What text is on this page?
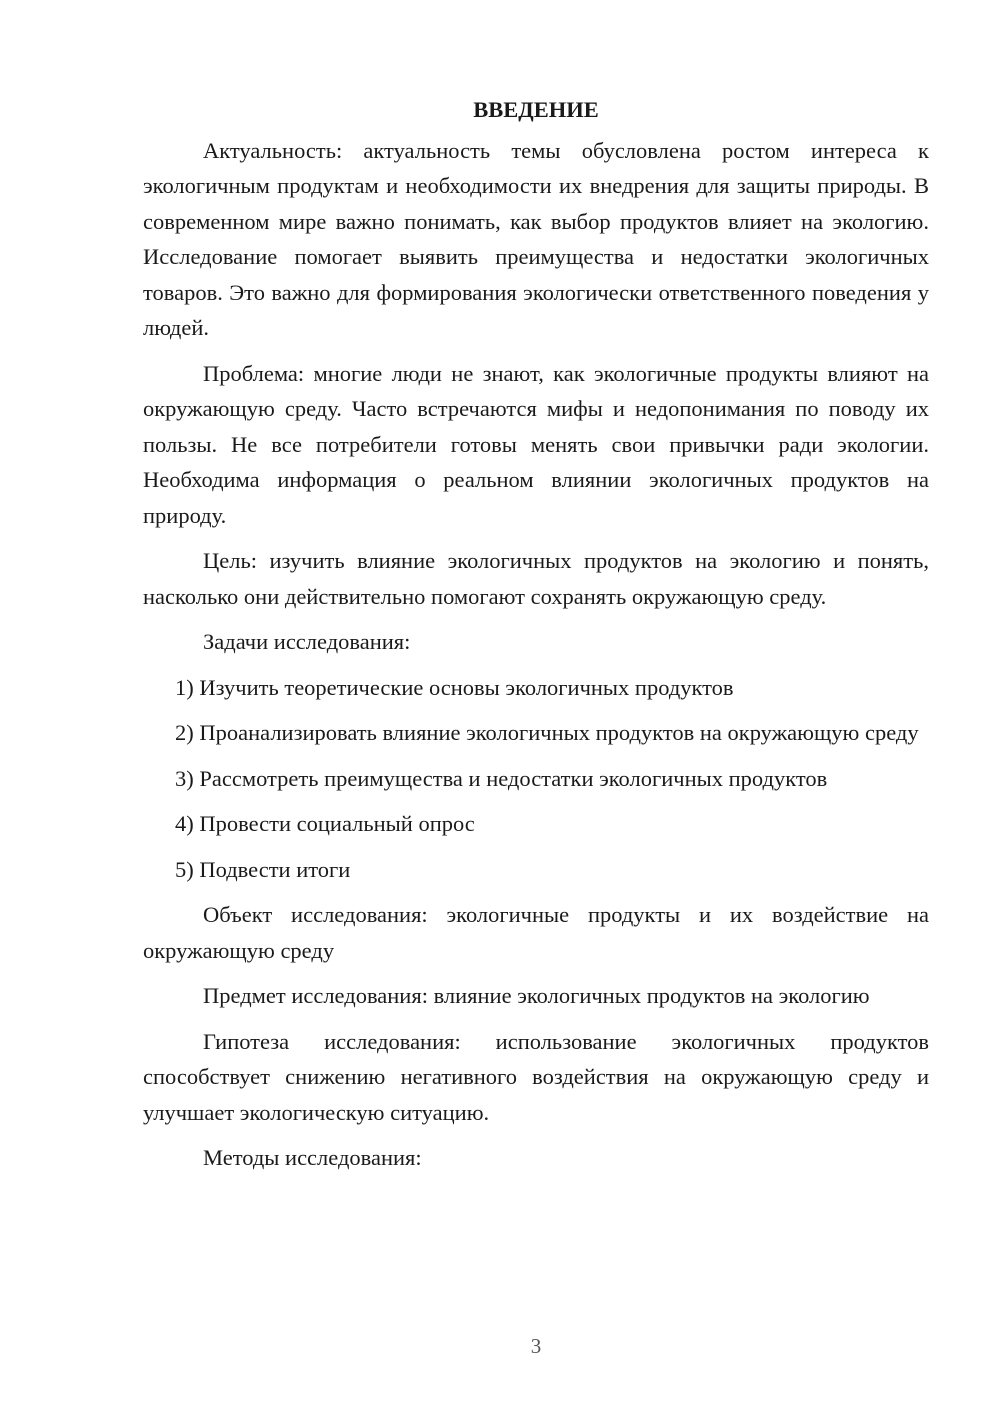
ВВЕДЕНИЕ

Актуальность: актуальность темы обусловлена ростом интереса к экологичным продуктам и необходимости их внедрения для защиты природы. В современном мире важно понимать, как выбор продуктов влияет на экологию. Исследование помогает выявить преимущества и недостатки экологичных товаров. Это важно для формирования экологически ответственного поведения у людей.

Проблема: многие люди не знают, как экологичные продукты влияют на окружающую среду. Часто встречаются мифы и недопонимания по поводу их пользы. Не все потребители готовы менять свои привычки ради экологии. Необходима информация о реальном влиянии экологичных продуктов на природу.

Цель: изучить влияние экологичных продуктов на экологию и понять, насколько они действительно помогают сохранять окружающую среду.

Задачи исследования:

1) Изучить теоретические основы экологичных продуктов

2) Проанализировать влияние экологичных продуктов на окружающую среду

3) Рассмотреть преимущества и недостатки экологичных продуктов

4) Провести социальный опрос

5) Подвести итоги

Объект исследования: экологичные продукты и их воздействие на окружающую среду

Предмет исследования: влияние экологичных продуктов на экологию

Гипотеза исследования: использование экологичных продуктов способствует снижению негативного воздействия на окружающую среду и улучшает экологическую ситуацию.

Методы исследования:

3
